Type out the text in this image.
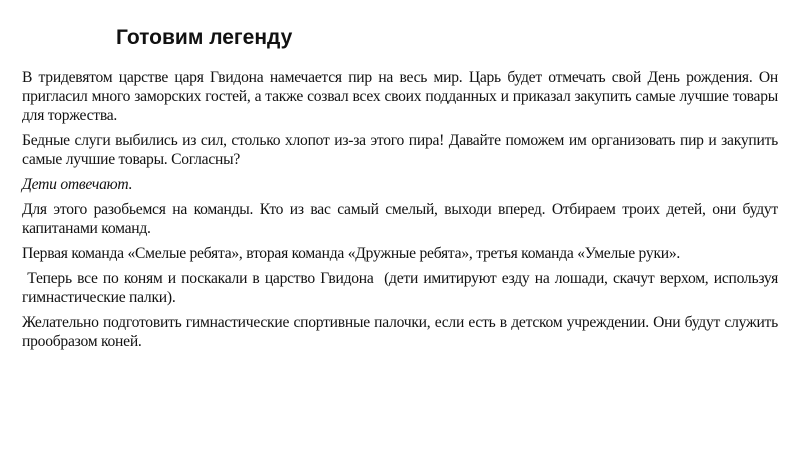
Готовим легенду

В тридевятом царстве царя Гвидона намечается пир на весь мир. Царь будет отмечать свой День рождения. Он пригласил много заморских гостей, а также созвал всех своих подданных и приказал закупить самые лучшие товары для торжества.

Бедные слуги выбились из сил, столько хлопот из-за этого пира! Давайте поможем им организовать пир и закупить самые лучшие товары. Согласны?

Дети отвечают.

Для этого разобьемся на команды. Кто из вас самый смелый, выходи вперед. Отбираем троих детей, они будут капитанами команд.

Первая команда «Смелые ребята», вторая команда «Дружные ребята», третья команда «Умелые руки».

Теперь все по коням и поскакали в царство Гвидона  (дети имитируют езду на лошади, скачут верхом, используя гимнастические палки).

Желательно подготовить гимнастические спортивные палочки, если есть в детском учреждении. Они будут служить прообразом коней.
